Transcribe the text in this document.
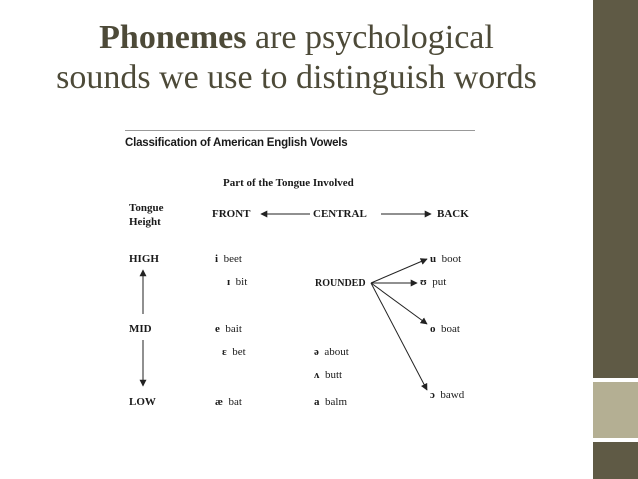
Phonemes are psychological
sounds we use to distinguish words
Classification of American English Vowels
Part of the Tongue Involved
Tongue
Height
FRONT	CENTRAL	BACK
HIGH
MID
LOW
i beet
ɪ bit
e bait
ɛ bet
æ bat
ROUNDED
ə about
ʌ butt
a balm
u boot
ʊ put
o boat
ɔ bawd
